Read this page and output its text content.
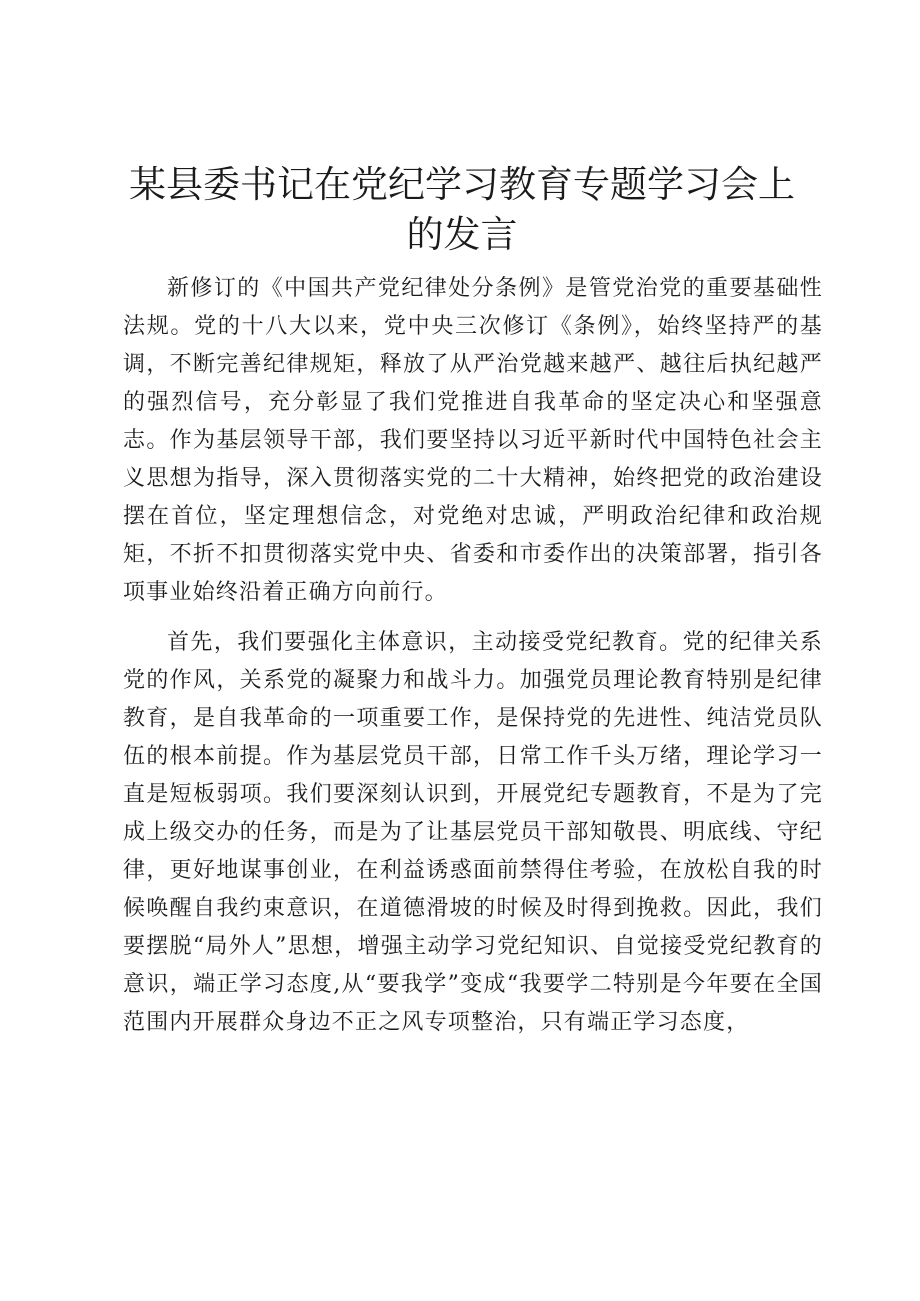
某县委书记在党纪学习教育专题学习会上的发言

新修订的《中国共产党纪律处分条例》是管党治党的重要基础性法规。党的十八大以来，党中央三次修订《条例》，始终坚持严的基调，不断完善纪律规矩，释放了从严治党越来越严、越往后执纪越严的强烈信号，充分彰显了我们党推进自我革命的坚定决心和坚强意志。作为基层领导干部，我们要坚持以习近平新时代中国特色社会主义思想为指导，深入贯彻落实党的二十大精神，始终把党的政治建设摆在首位，坚定理想信念，对党绝对忠诚，严明政治纪律和政治规矩，不折不扣贯彻落实党中央、省委和市委作出的决策部署，指引各项事业始终沿着正确方向前行。

首先，我们要强化主体意识，主动接受党纪教育。党的纪律关系党的作风，关系党的凝聚力和战斗力。加强党员理论教育特别是纪律教育，是自我革命的一项重要工作，是保持党的先进性、纯洁党员队伍的根本前提。作为基层党员干部，日常工作千头万绪，理论学习一直是短板弱项。我们要深刻认识到，开展党纪专题教育，不是为了完成上级交办的任务，而是为了让基层党员干部知敬畏、明底线、守纪律，更好地谋事创业，在利益诱惑面前禁得住考验，在放松自我的时候唤醒自我约束意识，在道德滑坡的时候及时得到挽救。因此，我们要摆脱“局外人”思想，增强主动学习党纪知识、自觉接受党纪教育的意识，端正学习态度,从“要我学”变成“我要学二特别是今年要在全国范围内开展群众身边不正之风专项整治，只有端正学习态度，
